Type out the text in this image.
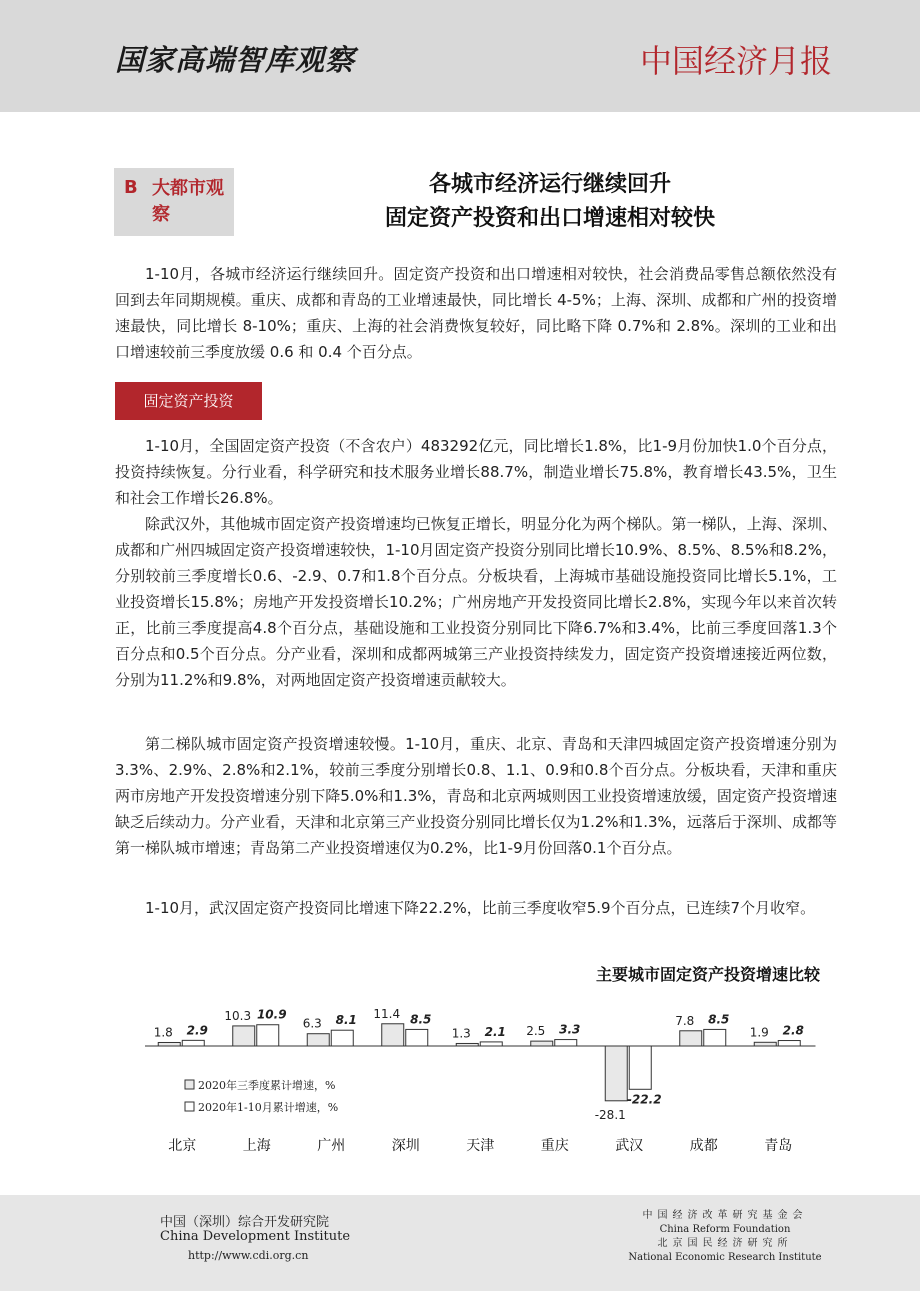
国家高端智库观察	中国经济月报
B 大都市观察
各城市经济运行继续回升
固定资产投资和出口增速相对较快

1-10月，各城市经济运行继续回升。固定资产投资和出口增速相对较快，社会消费品零售总额依然没有回到去年同期规模。重庆、成都和青岛的工业增速最快，同比增长 4-5%；上海、深圳、成都和广州的投资增速最快，同比增长 8-10%；重庆、上海的社会消费恢复较好，同比略下降 0.7%和 2.8%。深圳的工业和出口增速较前三季度放缓 0.6 和 0.4 个百分点。

固定资产投资

1-10月，全国固定资产投资（不含农户）483292亿元，同比增长1.8%，比1-9月份加快1.0个百分点，投资持续恢复。分行业看，科学研究和技术服务业增长88.7%，制造业增长75.8%，教育增长43.5%，卫生和社会工作增长26.8%。

除武汉外，其他城市固定资产投资增速均已恢复正增长，明显分化为两个梯队。第一梯队，上海、深圳、成都和广州四城固定资产投资增速较快，1-10月固定资产投资分别同比增长10.9%、8.5%、8.5%和8.2%，分别较前三季度增长0.6、-2.9、0.7和1.8个百分点。分板块看，上海城市基础设施投资同比增长5.1%，工业投资增长15.8%；房地产开发投资增长10.2%；广州房地产开发投资同比增长2.8%，实现今年以来首次转正，比前三季度提高4.8个百分点，基础设施和工业投资分别同比下降6.7%和3.4%，比前三季度回落1.3个百分点和0.5个百分点。分产业看，深圳和成都两城第三产业投资持续发力，固定资产投资增速接近两位数，分别为11.2%和9.8%，对两地固定资产投资增速贡献较大。

第二梯队城市固定资产投资增速较慢。1-10月，重庆、北京、青岛和天津四城固定资产投资增速分别为3.3%、2.9%、2.8%和2.1%，较前三季度分别增长0.8、1.1、0.9和0.8个百分点。分板块看，天津和重庆两市房地产开发投资增速分别下降5.0%和1.3%，青岛和北京两城则因工业投资增速放缓，固定资产投资增速缺乏后续动力。分产业看，天津和北京第三产业投资分别同比增长仅为1.2%和1.3%，远落后于深圳、成都等第一梯队城市增速；青岛第二产业投资增速仅为0.2%，比1-9月份回落0.1个百分点。

1-10月，武汉固定资产投资同比增速下降22.2%，比前三季度收窄5.9个百分点，已连续7个月收窄。

主要城市固定资产投资增速比较
1.8 2.9
北京
10.3 10.9
上海
6.3 8.1
广州
11.4 8.5
深圳
1.3 2.1
天津
2.5 3.3
重庆
-28.1
-22.2
武汉
7.8 8.5
成都
1.9 2.8
青岛
2020年三季度累计增速，%
2020年1-10月累计增速，%
中国（深圳）综合开发研究院
China Development Institute
http://www.cdi.org.cn
中国经济改革研究基金会
China Reform Foundation
北京国民经济研究所
National Economic Research Institute
